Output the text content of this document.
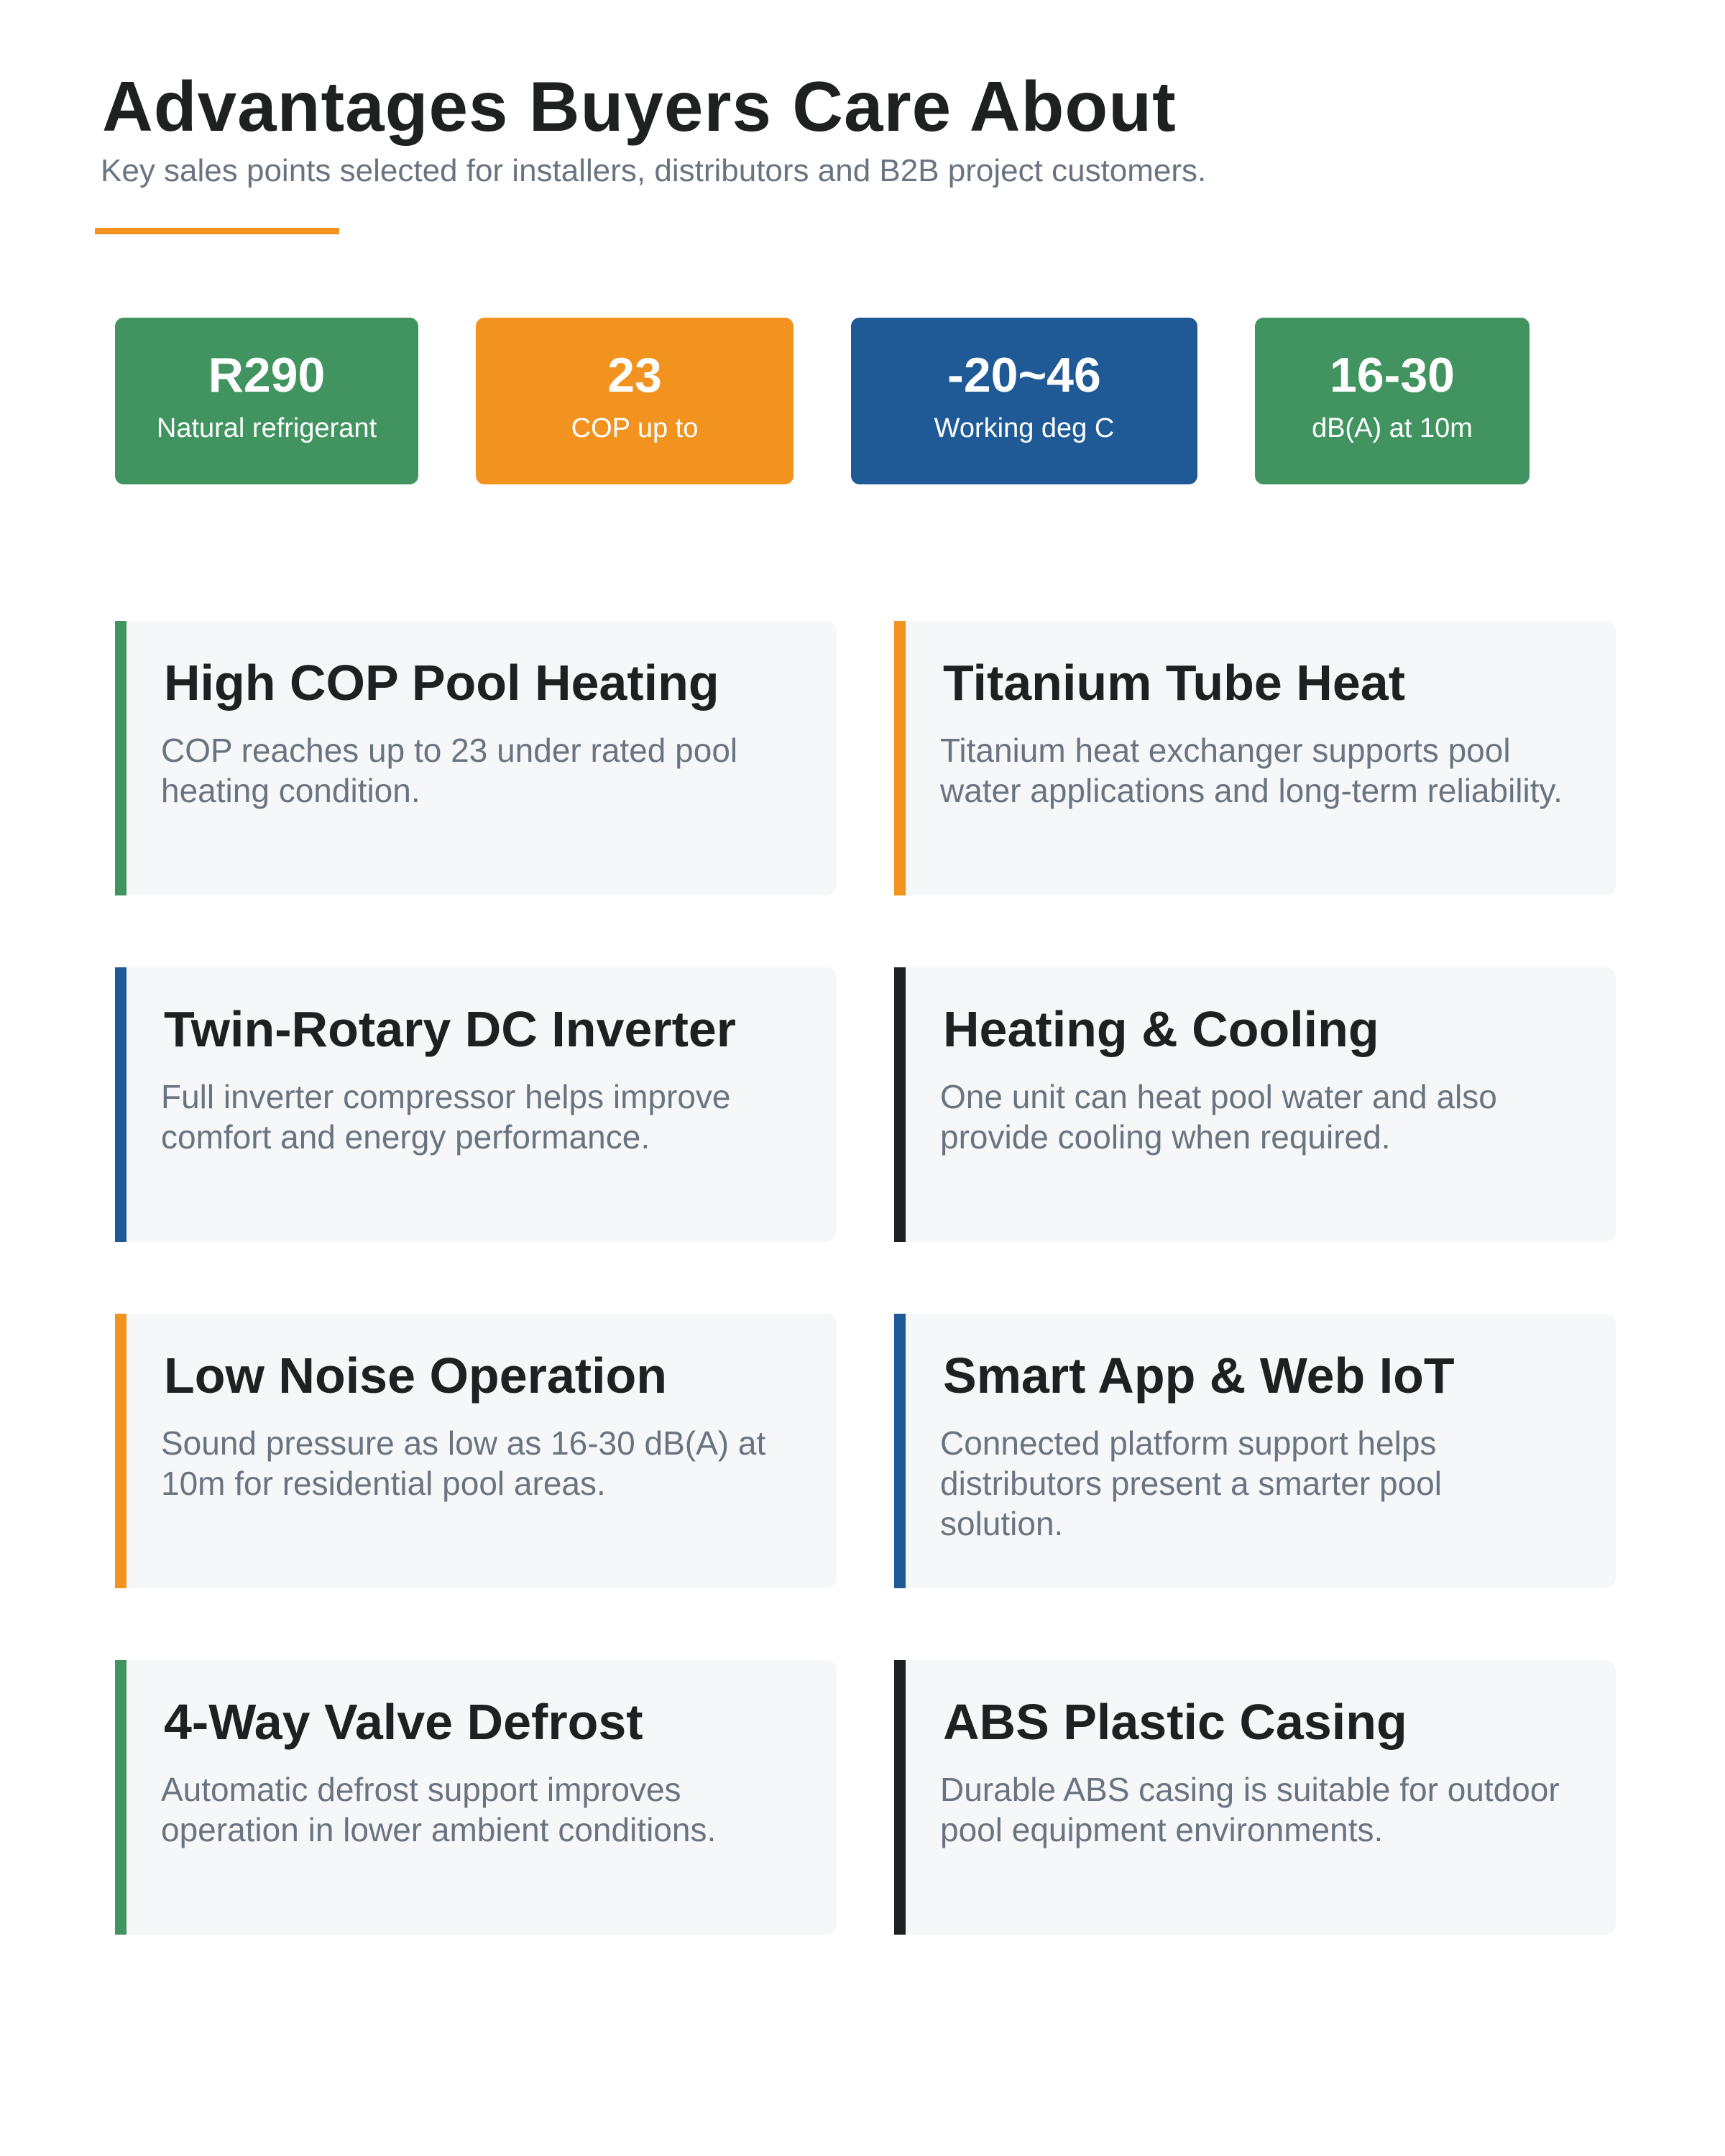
Advantages Buyers Care About
Key sales points selected for installers, distributors and B2B project customers.
R290
Natural refrigerant
23
COP up to
-20~46
Working deg C
16-30
dB(A) at 10m
High COP Pool Heating
COP reaches up to 23 under rated pool heating condition.
Titanium Tube Heat
Titanium heat exchanger supports pool water applications and long-term reliability.
Twin-Rotary DC Inverter
Full inverter compressor helps improve comfort and energy performance.
Heating & Cooling
One unit can heat pool water and also provide cooling when required.
Low Noise Operation
Sound pressure as low as 16-30 dB(A) at 10m for residential pool areas.
Smart App & Web IoT
Connected platform support helps distributors present a smarter pool solution.
4-Way Valve Defrost
Automatic defrost support improves operation in lower ambient conditions.
ABS Plastic Casing
Durable ABS casing is suitable for outdoor pool equipment environments.
